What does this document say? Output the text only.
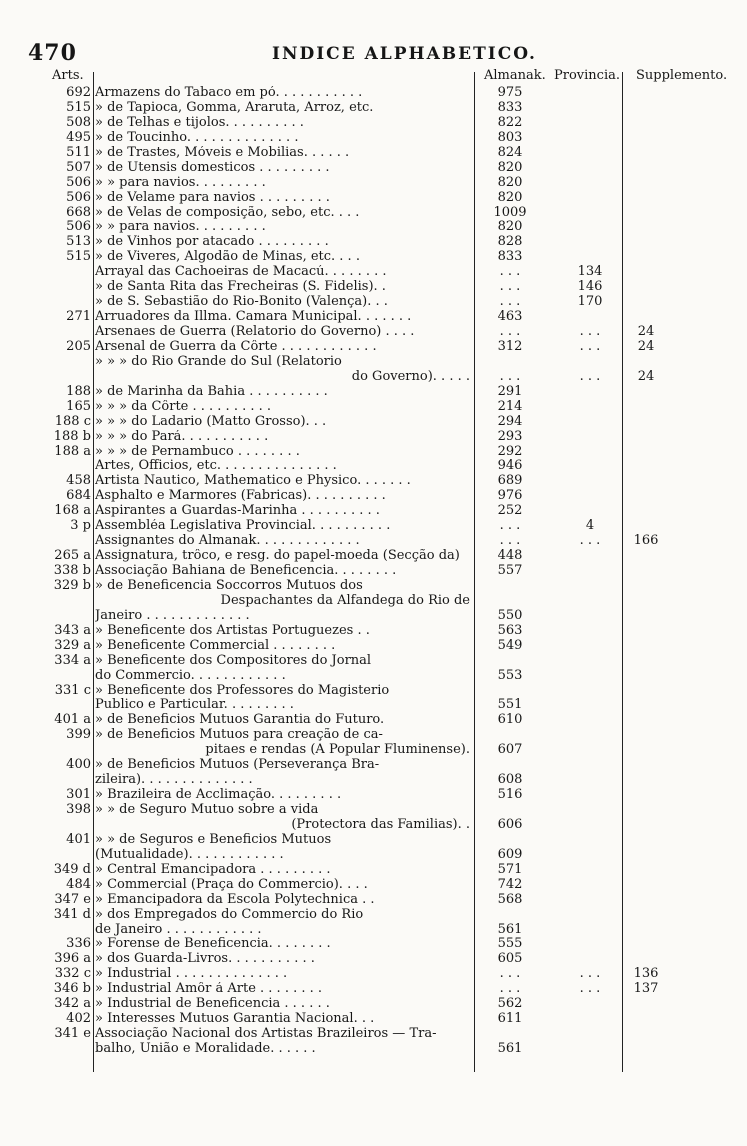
470	INDICE ALPHABETICO.
Arts.	Almanak. Provincia. Supplemento.
692 Armazens do Tabaco em pó. . . . . . . . . . .	975
515 » de Tapioca, Gomma, Araruta, Arroz, etc.	833
508 » de Telhas e tijolos. . . . . . . . . .	822
495 » de Toucinho. . . . . . . . . . . . . .	803
511 » de Trastes, Móveis e Mobilias. . . . . .	824
507 » de Utensis domesticos . . . . . . . . .	820
506 » » para navios. . . . . . . . .	820
506 » de Velame para navios . . . . . . . . .	820
668 » de Velas de composição, sebo, etc. . . .	1009
506 » » para navios. . . . . . . . .	820
513 » de Vinhos por atacado . . . . . . . . .	828
515 » de Viveres, Algodão de Minas, etc. . . .	833
Arrayal das Cachoeiras de Macacú. . . . . . . .	. . .	134
» de Santa Rita das Frecheiras (S. Fidelis). .	. . .	146
» de S. Sebastião do Rio-Bonito (Valença). . .	. . .	170
271 Arruadores da Illma. Camara Municipal. . . . . . .	463
Arsenaes de Guerra (Relatorio do Governo) . . . .	. . .	. . .	24
205 Arsenal de Guerra da Côrte . . . . . . . . . . . .	312	. . .	24
» » » do Rio Grande do Sul (Relatorio
do Governo). . . . .	. . .	. . .	24
188 » de Marinha da Bahia . . . . . . . . . .	291
165 » » » da Côrte . . . . . . . . . .	214
188 c » » » do Ladario (Matto Grosso). . .	294
188 b » » » do Pará. . . . . . . . . . .	293
188 a » » » de Pernambuco . . . . . . . .	292
Artes, Officios, etc. . . . . . . . . . . . . . .	946
458 Artista Nautico, Mathematico e Physico. . . . . . .	689
684 Asphalto e Marmores (Fabricas). . . . . . . . . .	976
168 a Aspirantes a Guardas-Marinha . . . . . . . . . .	252
3 p Assembléa Legislativa Provincial. . . . . . . . . .	. . .	4
Assignantes do Almanak. . . . . . . . . . . . .	. . .	. . .	166
265 a Assignatura, trôco, e resg. do papel-moeda (Secção da)	448
338 b Associação Bahiana de Beneficencia. . . . . . . .	557
329 b » de Beneficencia Soccorros Mutuos dos
Despachantes da Alfandega do Rio de
Janeiro . . . . . . . . . . . . .	550
343 a » Beneficente dos Artistas Portuguezes . .	563
329 a » Beneficente Commercial . . . . . . . .	549
334 a » Beneficente dos Compositores do Jornal
do Commercio. . . . . . . . . . . .	553
331 c » Beneficente dos Professores do Magisterio
Publico e Particular. . . . . . . . .	551
401 a » de Beneficios Mutuos Garantia do Futuro.	610
399 » de Beneficios Mutuos para creação de ca-
pitaes e rendas (A Popular Fluminense).	607
400 » de Beneficios Mutuos (Perseverança Bra-
zileira). . . . . . . . . . . . . .	608
301 » Brazileira de Acclimação. . . . . . . . .	516
398 » » de Seguro Mutuo sobre a vida
(Protectora das Familias). .	606
401 » » de Seguros e Beneficios Mutuos
(Mutualidade). . . . . . . . . . . .	609
349 d » Central Emancipadora . . . . . . . . .	571
484 » Commercial (Praça do Commercio). . . .	742
347 e » Emancipadora da Escola Polytechnica . .	568
341 d » dos Empregados do Commercio do Rio
de Janeiro . . . . . . . . . . . .	561
336 » Forense de Beneficencia. . . . . . . .	555
396 a » dos Guarda-Livros. . . . . . . . . . .	605
332 c » Industrial . . . . . . . . . . . . . .	. . .	. . .	136
346 b » Industrial Amôr á Arte . . . . . . . .	. . .	. . .	137
342 a » Industrial de Beneficencia . . . . . .	562
402 » Interesses Mutuos Garantia Nacional. . .	611
341 e Associação Nacional dos Artistas Brazileiros — Tra-
balho, União e Moralidade. . . . . .	561
